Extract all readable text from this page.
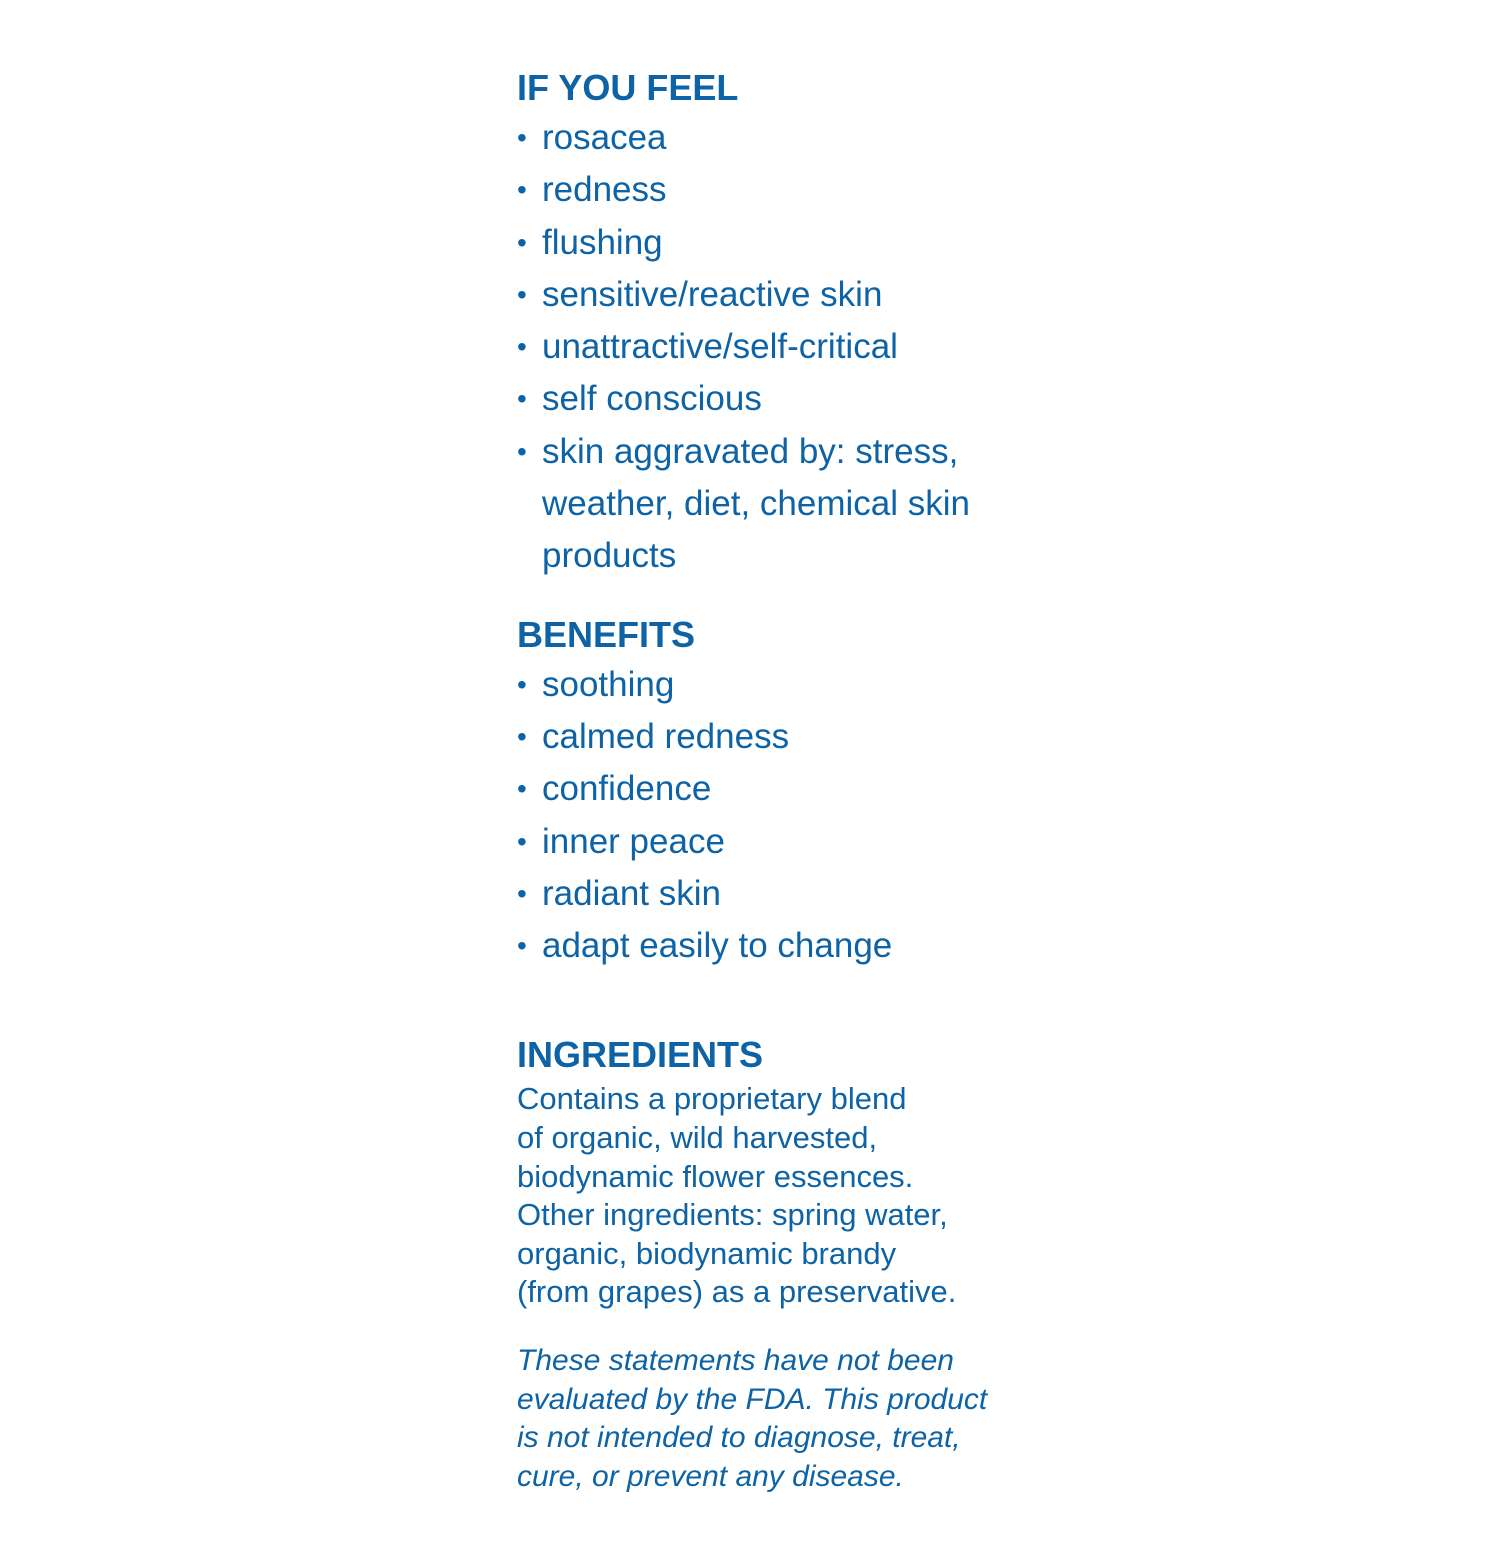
IF YOU FEEL
• rosacea
• redness
• flushing
• sensitive/reactive skin
• unattractive/self-critical
• self conscious
• skin aggravated by: stress, weather, diet, chemical skin products
BENEFITS
• soothing
• calmed redness
• confidence
• inner peace
• radiant skin
• adapt easily to change
INGREDIENTS

Contains a proprietary blend
of organic, wild harvested,
biodynamic flower essences.
Other ingredients: spring water,
organic, biodynamic brandy
(from grapes) as a preservative.

These statements have not been
evaluated by the FDA. This product
is not intended to diagnose, treat,
cure, or prevent any disease.
